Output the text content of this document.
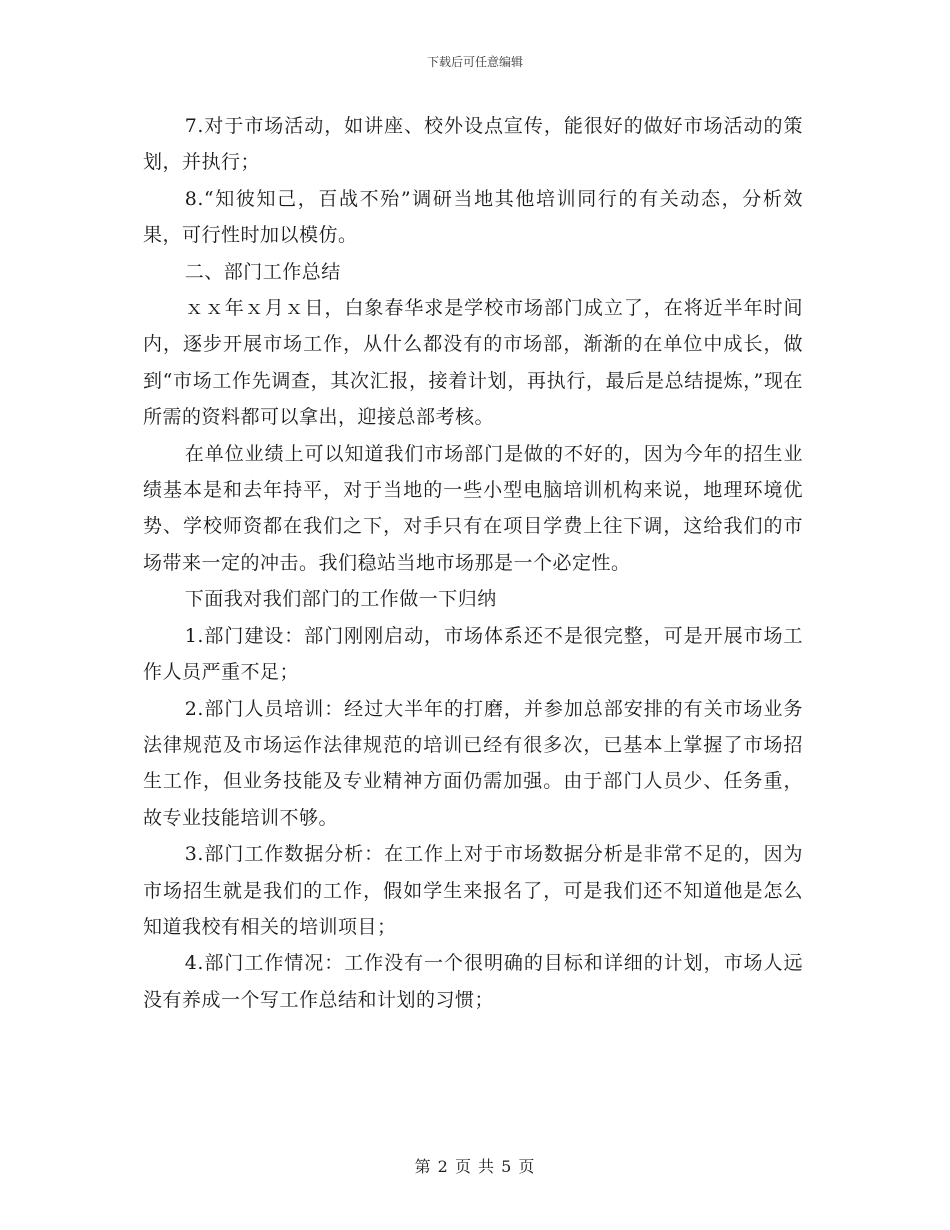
下载后可任意编辑

7.对于市场活动，如讲座、校外设点宣传，能很好的做好市场活动的策划，并执行；

8.“知彼知己，百战不殆”调研当地其他培训同行的有关动态，分析效果，可行性时加以模仿。

二、部门工作总结

ｘｘ年ｘ月ｘ日，白象春华求是学校市场部门成立了，在将近半年时间内，逐步开展市场工作，从什么都没有的市场部，渐渐的在单位中成长，做到“市场工作先调查，其次汇报，接着计划，再执行，最后是总结提炼，”现在所需的资料都可以拿出，迎接总部考核。

在单位业绩上可以知道我们市场部门是做的不好的，因为今年的招生业绩基本是和去年持平，对于当地的一些小型电脑培训机构来说，地理环境优势、学校师资都在我们之下，对手只有在项目学费上往下调，这给我们的市场带来一定的冲击。我们稳站当地市场那是一个必定性。

下面我对我们部门的工作做一下归纳

1.部门建设：部门刚刚启动，市场体系还不是很完整，可是开展市场工作人员严重不足；

2.部门人员培训：经过大半年的打磨，并参加总部安排的有关市场业务法律规范及市场运作法律规范的培训已经有很多次，已基本上掌握了市场招生工作，但业务技能及专业精神方面仍需加强。由于部门人员少、任务重，故专业技能培训不够。

3.部门工作数据分析：在工作上对于市场数据分析是非常不足的，因为市场招生就是我们的工作，假如学生来报名了，可是我们还不知道他是怎么知道我校有相关的培训项目；

4.部门工作情况：工作没有一个很明确的目标和详细的计划，市场人远没有养成一个写工作总结和计划的习惯；

第 2 页 共 5 页
